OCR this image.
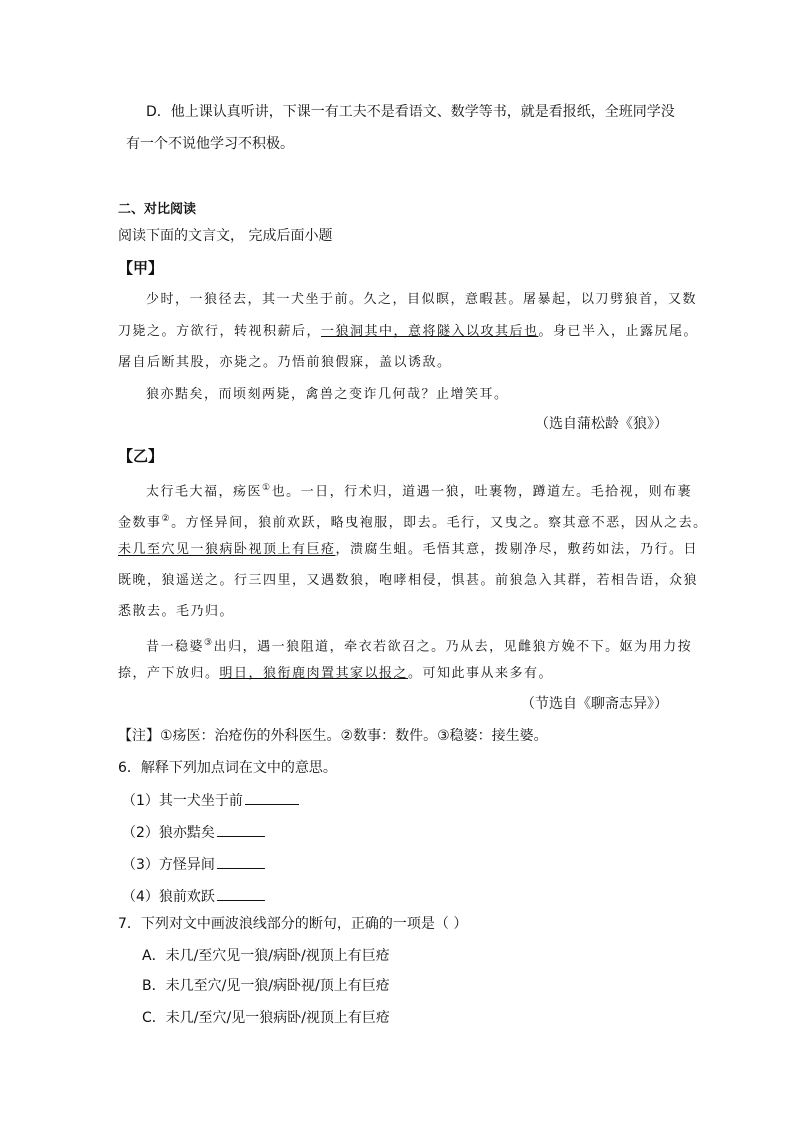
D．他上课认真听讲，下课一有工夫不是看语文、数学等书，就是看报纸，全班同学没
有一个不说他学习不积极。
二、对比阅读
阅读下面的文言文， 完成后面小题
【甲】
少时，一狼径去，其一犬坐于前。久之，目似瞑，意暇甚。屠暴起，以刀劈狼首，又数
刀毙之。方欲行，转视积薪后，一狼洞其中，意将隧入以攻其后也。身已半入，止露尻尾。
屠自后断其股，亦毙之。乃悟前狼假寐，盖以诱敌。
狼亦黠矣，而顷刻两毙，禽兽之变诈几何哉？止增笑耳。
（选自蒲松龄《狼》）
【乙】
太行毛大福，疡医①也。一日，行术归，道遇一狼，吐裹物，蹲道左。毛拾视，则布裹
金数事②。方怪异间，狼前欢跃，略曳袍服，即去。毛行，又曳之。察其意不恶，因从之去。
未几至穴见一狼病卧视顶上有巨疮，溃腐生蛆。毛悟其意，拨剔净尽，敷药如法，乃行。日
既晚，狼遥送之。行三四里，又遇数狼，咆哮相侵，惧甚。前狼急入其群，若相告语，众狼
悉散去。毛乃归。
昔一稳婆③出归，遇一狼阻道，牵衣若欲召之。乃从去，见雌狼方娩不下。妪为用力按
捺，产下放归。明日，狼衔鹿肉置其家以报之。可知此事从来多有。
（节选自《聊斋志异》）
【注】①疡医：治疮伤的外科医生。②数事：数件。③稳婆：接生婆。
6．解释下列加点词在文中的意思。
（1）其一犬坐于前
（2）狼亦黠矣
（3）方怪异间
（4）狼前欢跃
7．下列对文中画波浪线部分的断句，正确的一项是（ ）
A．未几/至穴见一狼/病卧/视顶上有巨疮
B．未几至穴/见一狼/病卧视/顶上有巨疮
C．未几/至穴/见一狼病卧/视顶上有巨疮
